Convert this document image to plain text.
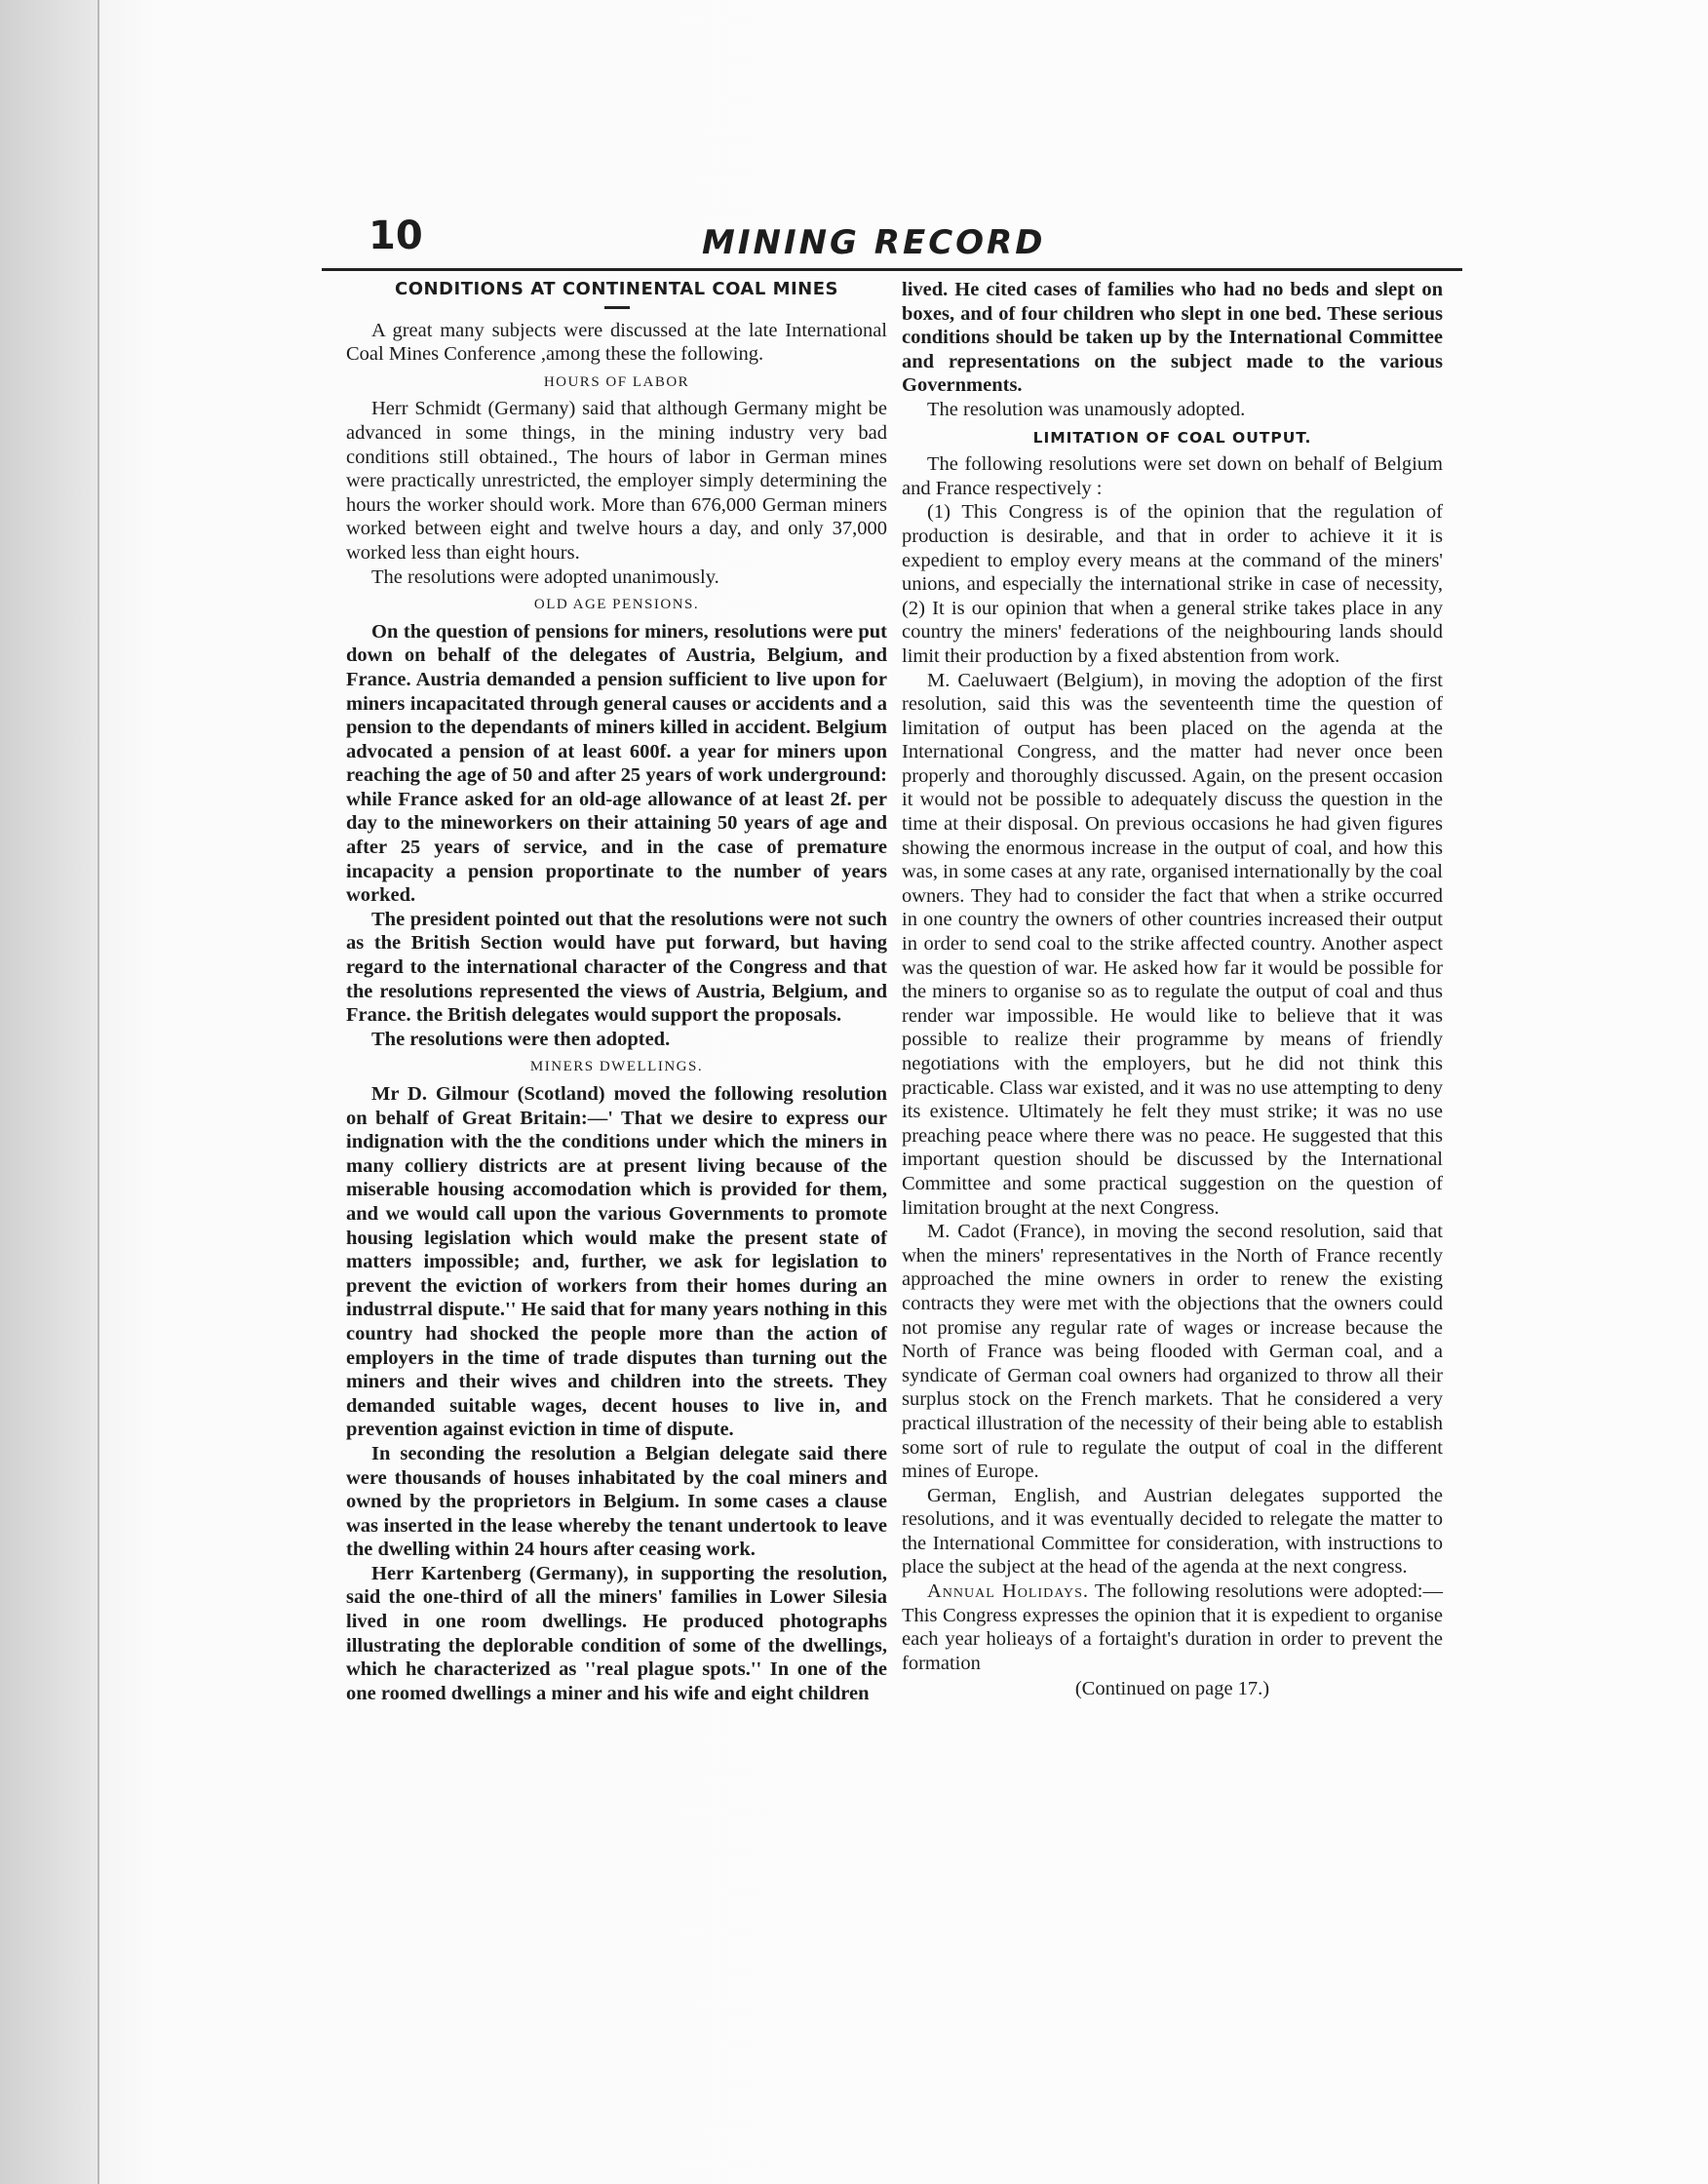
10	MINING RECORD
CONDITIONS AT CONTINENTAL COAL MINES

A great many subjects were discussed at the late International Coal Mines Conference ,among these the following.

HOURS OF LABOR

Herr Schmidt (Germany) said that although Germany might be advanced in some things, in the mining industry very bad conditions still obtained., The hours of labor in German mines were practically unrestricted, the employer simply determining the hours the worker should work. More than 676,000 German miners worked between eight and twelve hours a day, and only 37,000 worked less than eight hours.

The resolutions were adopted unanimously.

OLD AGE PENSIONS.

On the question of pensions for miners, resolutions were put down on behalf of the delegates of Austria, Belgium, and France. Austria demanded a pension sufficient to live upon for miners incapacitated through general causes or accidents and a pension to the dependants of miners killed in accident. Belgium advocated a pension of at least 600f. a year for miners upon reaching the age of 50 and after 25 years of work underground: while France asked for an old-age allowance of at least 2f. per day to the mineworkers on their attaining 50 years of age and after 25 years of service, and in the case of premature incapacity a pension proportinate to the number of years worked.

The president pointed out that the resolutions were not such as the British Section would have put forward, but having regard to the international character of the Congress and that the resolutions represented the views of Austria, Belgium, and France. the British delegates would support the proposals.

The resolutions were then adopted.

MINERS DWELLINGS.

Mr D. Gilmour (Scotland) moved the following resolution on behalf of Great Britain:—' That we desire to express our indignation with the the conditions under which the miners in many colliery districts are at present living because of the miserable housing accomodation which is provided for them, and we would call upon the various Governments to promote housing legislation which would make the present state of matters impossible; and, further, we ask for legislation to prevent the eviction of workers from their homes during an industrral dispute.'' He said that for many years nothing in this country had shocked the people more than the action of employers in the time of trade disputes than turning out the miners and their wives and children into the streets. They demanded suitable wages, decent houses to live in, and prevention against eviction in time of dispute.

In seconding the resolution a Belgian delegate said there were thousands of houses inhabitated by the coal miners and owned by the proprietors in Belgium. In some cases a clause was inserted in the lease whereby the tenant undertook to leave the dwelling within 24 hours after ceasing work.

Herr Kartenberg (Germany), in supporting the resolution, said the one-third of all the miners' families in Lower Silesia lived in one room dwellings. He produced photographs illustrating the deplorable condition of some of the dwellings, which he characterized as ''real plague spots.'' In one of the one roomed dwellings a miner and his wife and eight children

lived. He cited cases of families who had no beds and slept on boxes, and of four children who slept in one bed. These serious conditions should be taken up by the International Committee and representations on the subject made to the various Governments.

The resolution was unamously adopted.

LIMITATION OF COAL OUTPUT.

The following resolutions were set down on behalf of Belgium and France respectively :

(1) This Congress is of the opinion that the regulation of production is desirable, and that in order to achieve it it is expedient to employ every means at the command of the miners' unions, and especially the international strike in case of necessity, (2) It is our opinion that when a general strike takes place in any country the miners' federations of the neighbouring lands should limit their production by a fixed abstention from work.

M. Caeluwaert (Belgium), in moving the adoption of the first resolution, said this was the seventeenth time the question of limitation of output has been placed on the agenda at the International Congress, and the matter had never once been properly and thoroughly discussed. Again, on the present occasion it would not be possible to adequately discuss the question in the time at their disposal. On previous occasions he had given figures showing the enormous increase in the output of coal, and how this was, in some cases at any rate, organised internationally by the coal owners. They had to consider the fact that when a strike occurred in one country the owners of other countries increased their output in order to send coal to the strike affected country. Another aspect was the question of war. He asked how far it would be possible for the miners to organise so as to regulate the output of coal and thus render war impossible. He would like to believe that it was possible to realize their programme by means of friendly negotiations with the employers, but he did not think this practicable. Class war existed, and it was no use attempting to deny its existence. Ultimately he felt they must strike; it was no use preaching peace where there was no peace. He suggested that this important question should be discussed by the International Committee and some practical suggestion on the question of limitation brought at the next Congress.

M. Cadot (France), in moving the second resolution, said that when the miners' representatives in the North of France recently approached the mine owners in order to renew the existing contracts they were met with the objections that the owners could not promise any regular rate of wages or increase because the North of France was being flooded with German coal, and a syndicate of German coal owners had organized to throw all their surplus stock on the French markets. That he considered a very practical illustration of the necessity of their being able to establish some sort of rule to regulate the output of coal in the different mines of Europe.

German, English, and Austrian delegates supported the resolutions, and it was eventually decided to relegate the matter to the International Committee for consideration, with instructions to place the subject at the head of the agenda at the next congress.

Annual Holidays. The following resolutions were adopted:—This Congress expresses the opinion that it is expedient to organise each year holieays of a fortaight's duration in order to prevent the formation

(Continued on page 17.)
